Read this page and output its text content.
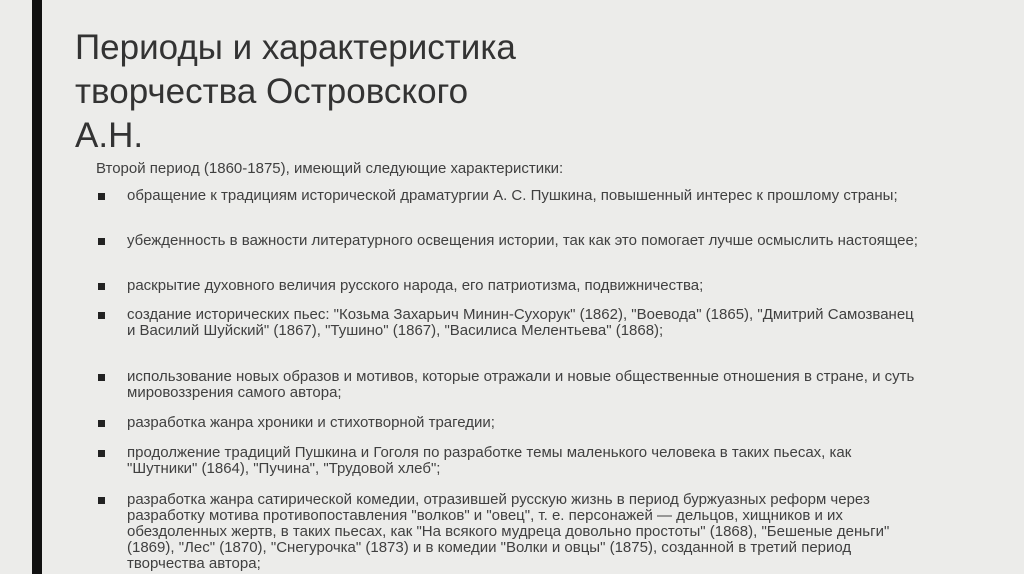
Периоды и характеристика
творчества Островского
А.Н.

Второй период (1860-1875), имеющий следующие характеристики:

обращение к традициям исторической драматургии А. С. Пушкина, повышенный интерес к прошлому страны;
убежденность в важности литературного освещения истории, так как это помогает лучше осмыслить настоящее;
раскрытие духовного величия русского народа, его патриотизма, подвижничества;
создание исторических пьес: "Козьма Захарьич Минин-Сухорук" (1862), "Воевода" (1865), "Дмитрий Самозванец и Василий Шуйский" (1867), "Тушино" (1867), "Василиса Мелентьева" (1868);
использование новых образов и мотивов, которые отражали и новые общественные отношения в стране, и суть мировоззрения самого автора;
разработка жанра хроники и стихотворной трагедии;
продолжение традиций Пушкина и Гоголя по разработке темы маленького человека в таких пьесах, как "Шутники" (1864), "Пучина", "Трудовой хлеб";
разработка жанра сатирической комедии, отразившей русскую жизнь в период буржуазных реформ через разработку мотива противопоставления "волков" и "овец", т. е. персонажей — дельцов, хищников и их обездоленных жертв, в таких пьесах, как "На всякого мудреца довольно простоты" (1868), "Бешеные деньги" (1869), "Лес" (1870), "Снегурочка" (1873) и в комедии "Волки и овцы" (1875), созданной в третий период творчества автора;
